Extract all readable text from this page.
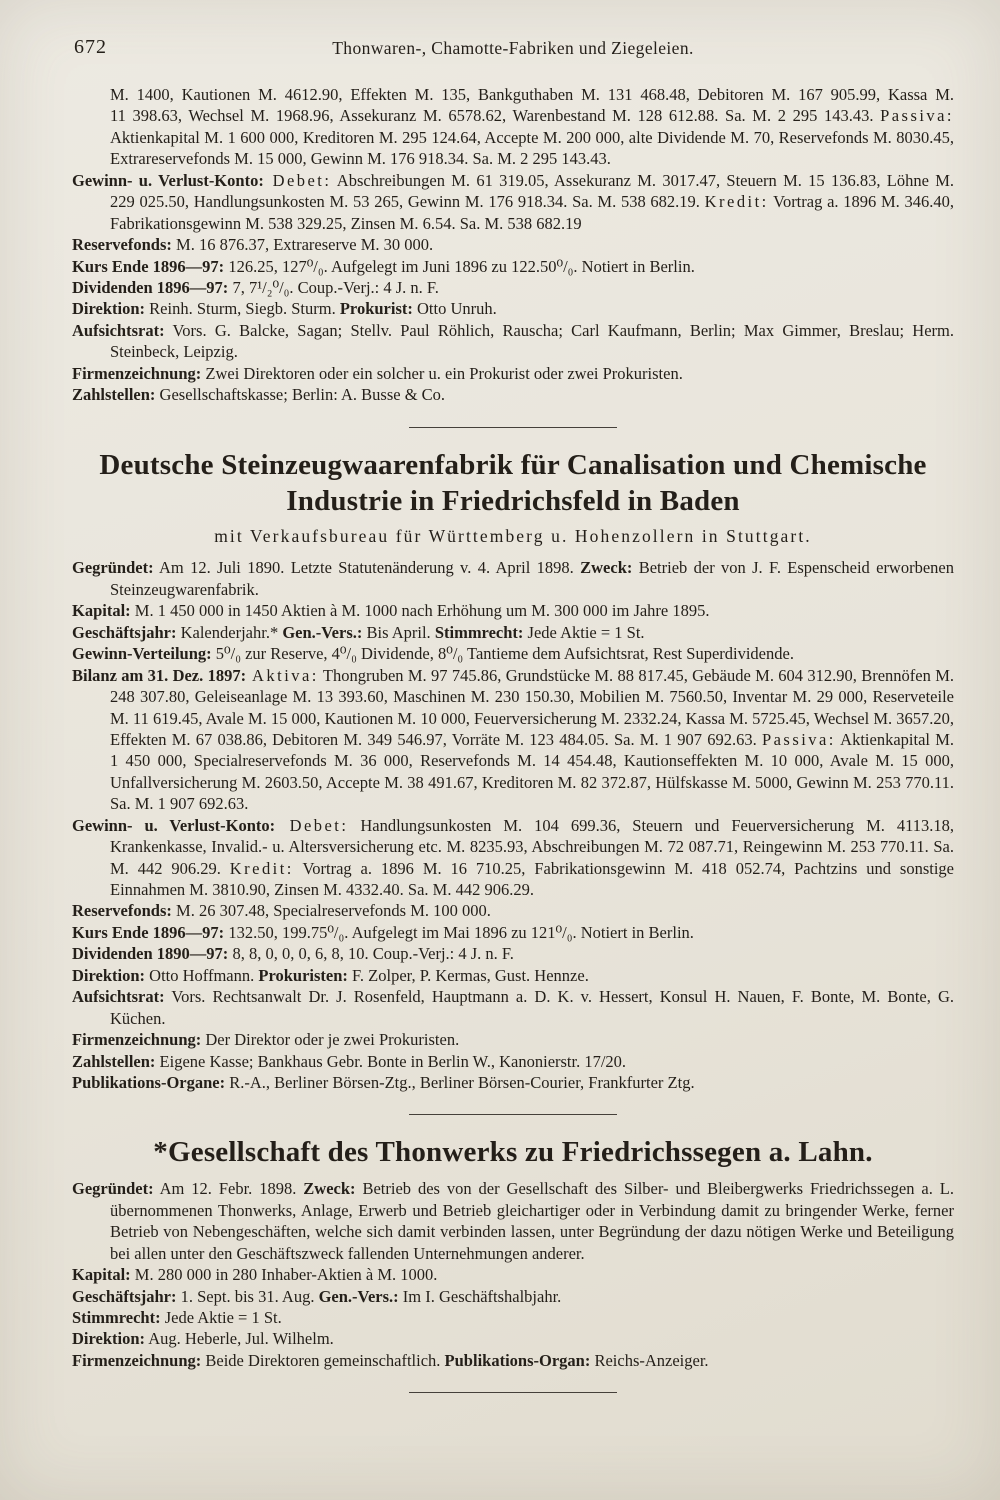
672	Thonwaren-, Chamotte-Fabriken und Ziegeleien.

M. 1400, Kautionen M. 4612.90, Effekten M. 135, Bankguthaben M. 131 468.48, Debitoren M. 167 905.99, Kassa M. 11 398.63, Wechsel M. 1968.96, Assekuranz M. 6578.62, Warenbestand M. 128 612.88. Sa. M. 2 295 143.43. Passiva: Aktienkapital M. 1 600 000, Kreditoren M. 295 124.64, Accepte M. 200 000, alte Dividende M. 70, Reservefonds M. 8030.45, Extrareservefonds M. 15 000, Gewinn M. 176 918.34. Sa. M. 2 295 143.43.

Gewinn- u. Verlust-Konto: Debet: Abschreibungen M. 61 319.05, Assekuranz M. 3017.47, Steuern M. 15 136.83, Löhne M. 229 025.50, Handlungsunkosten M. 53 265, Gewinn M. 176 918.34. Sa. M. 538 682.19. Kredit: Vortrag a. 1896 M. 346.40, Fabrikationsgewinn M. 538 329.25, Zinsen M. 6.54. Sa. M. 538 682.19

Reservefonds: M. 16 876.37, Extrareserve M. 30 000.

Kurs Ende 1896—97: 126.25, 127⁰/₀. Aufgelegt im Juni 1896 zu 122.50⁰/₀. Notiert in Berlin.

Dividenden 1896—97: 7, 7¹/₂⁰/₀. Coup.-Verj.: 4 J. n. F.

Direktion: Reinh. Sturm, Siegb. Sturm. Prokurist: Otto Unruh.

Aufsichtsrat: Vors. G. Balcke, Sagan; Stellv. Paul Röhlich, Rauscha; Carl Kaufmann, Berlin; Max Gimmer, Breslau; Herm. Steinbeck, Leipzig.

Firmenzeichnung: Zwei Direktoren oder ein solcher u. ein Prokurist oder zwei Prokuristen.

Zahlstellen: Gesellschaftskasse; Berlin: A. Busse & Co.

Deutsche Steinzeugwaarenfabrik für Canalisation und Chemische Industrie in Friedrichsfeld in Baden
mit Verkaufsbureau für Württemberg u. Hohenzollern in Stuttgart.

Gegründet: Am 12. Juli 1890. Letzte Statutenänderung v. 4. April 1898. Zweck: Betrieb der von J. F. Espenscheid erworbenen Steinzeugwarenfabrik.

Kapital: M. 1 450 000 in 1450 Aktien à M. 1000 nach Erhöhung um M. 300 000 im Jahre 1895.

Geschäftsjahr: Kalenderjahr.* Gen.-Vers.: Bis April. Stimmrecht: Jede Aktie = 1 St.

Gewinn-Verteilung: 5⁰/₀ zur Reserve, 4⁰/₀ Dividende, 8⁰/₀ Tantieme dem Aufsichtsrat, Rest Superdividende.

Bilanz am 31. Dez. 1897: Aktiva: Thongruben M. 97 745.86, Grundstücke M. 88 817.45, Gebäude M. 604 312.90, Brennöfen M. 248 307.80, Geleiseanlage M. 13 393.60, Maschinen M. 230 150.30, Mobilien M. 7560.50, Inventar M. 29 000, Reserveteile M. 11 619.45, Avale M. 15 000, Kautionen M. 10 000, Feuerversicherung M. 2332.24, Kassa M. 5725.45, Wechsel M. 3657.20, Effekten M. 67 038.86, Debitoren M. 349 546.97, Vorräte M. 123 484.05. Sa. M. 1 907 692.63. Passiva: Aktienkapital M. 1 450 000, Specialreservefonds M. 36 000, Reservefonds M. 14 454.48, Kautionseffekten M. 10 000, Avale M. 15 000, Unfallversicherung M. 2603.50, Accepte M. 38 491.67, Kreditoren M. 82 372.87, Hülfskasse M. 5000, Gewinn M. 253 770.11. Sa. M. 1 907 692.63.

Gewinn- u. Verlust-Konto: Debet: Handlungsunkosten M. 104 699.36, Steuern und Feuerversicherung M. 4113.18, Krankenkasse, Invalid.- u. Altersversicherung etc. M. 8235.93, Abschreibungen M. 72 087.71, Reingewinn M. 253 770.11. Sa. M. 442 906.29. Kredit: Vortrag a. 1896 M. 16 710.25, Fabrikationsgewinn M. 418 052.74, Pachtzins und sonstige Einnahmen M. 3810.90, Zinsen M. 4332.40. Sa. M. 442 906.29.

Reservefonds: M. 26 307.48, Specialreservefonds M. 100 000.

Kurs Ende 1896—97: 132.50, 199.75⁰/₀. Aufgelegt im Mai 1896 zu 121⁰/₀. Notiert in Berlin.

Dividenden 1890—97: 8, 8, 0, 0, 0, 6, 8, 10. Coup.-Verj.: 4 J. n. F.

Direktion: Otto Hoffmann. Prokuristen: F. Zolper, P. Kermas, Gust. Hennze.

Aufsichtsrat: Vors. Rechtsanwalt Dr. J. Rosenfeld, Hauptmann a. D. K. v. Hessert, Konsul H. Nauen, F. Bonte, M. Bonte, G. Küchen.

Firmenzeichnung: Der Direktor oder je zwei Prokuristen.

Zahlstellen: Eigene Kasse; Bankhaus Gebr. Bonte in Berlin W., Kanonierstr. 17/20.

Publikations-Organe: R.-A., Berliner Börsen-Ztg., Berliner Börsen-Courier, Frankfurter Ztg.

*Gesellschaft des Thonwerks zu Friedrichssegen a. Lahn.

Gegründet: Am 12. Febr. 1898. Zweck: Betrieb des von der Gesellschaft des Silber- und Bleibergwerks Friedrichssegen a. L. übernommenen Thonwerks, Anlage, Erwerb und Betrieb gleichartiger oder in Verbindung damit zu bringender Werke, ferner Betrieb von Nebengeschäften, welche sich damit verbinden lassen, unter Begründung der dazu nötigen Werke und Beteiligung bei allen unter den Geschäftszweck fallenden Unternehmungen anderer.

Kapital: M. 280 000 in 280 Inhaber-Aktien à M. 1000.

Geschäftsjahr: 1. Sept. bis 31. Aug. Gen.-Vers.: Im I. Geschäftshalbjahr.

Stimmrecht: Jede Aktie = 1 St.

Direktion: Aug. Heberle, Jul. Wilhelm.

Firmenzeichnung: Beide Direktoren gemeinschaftlich. Publikations-Organ: Reichs-Anzeiger.
